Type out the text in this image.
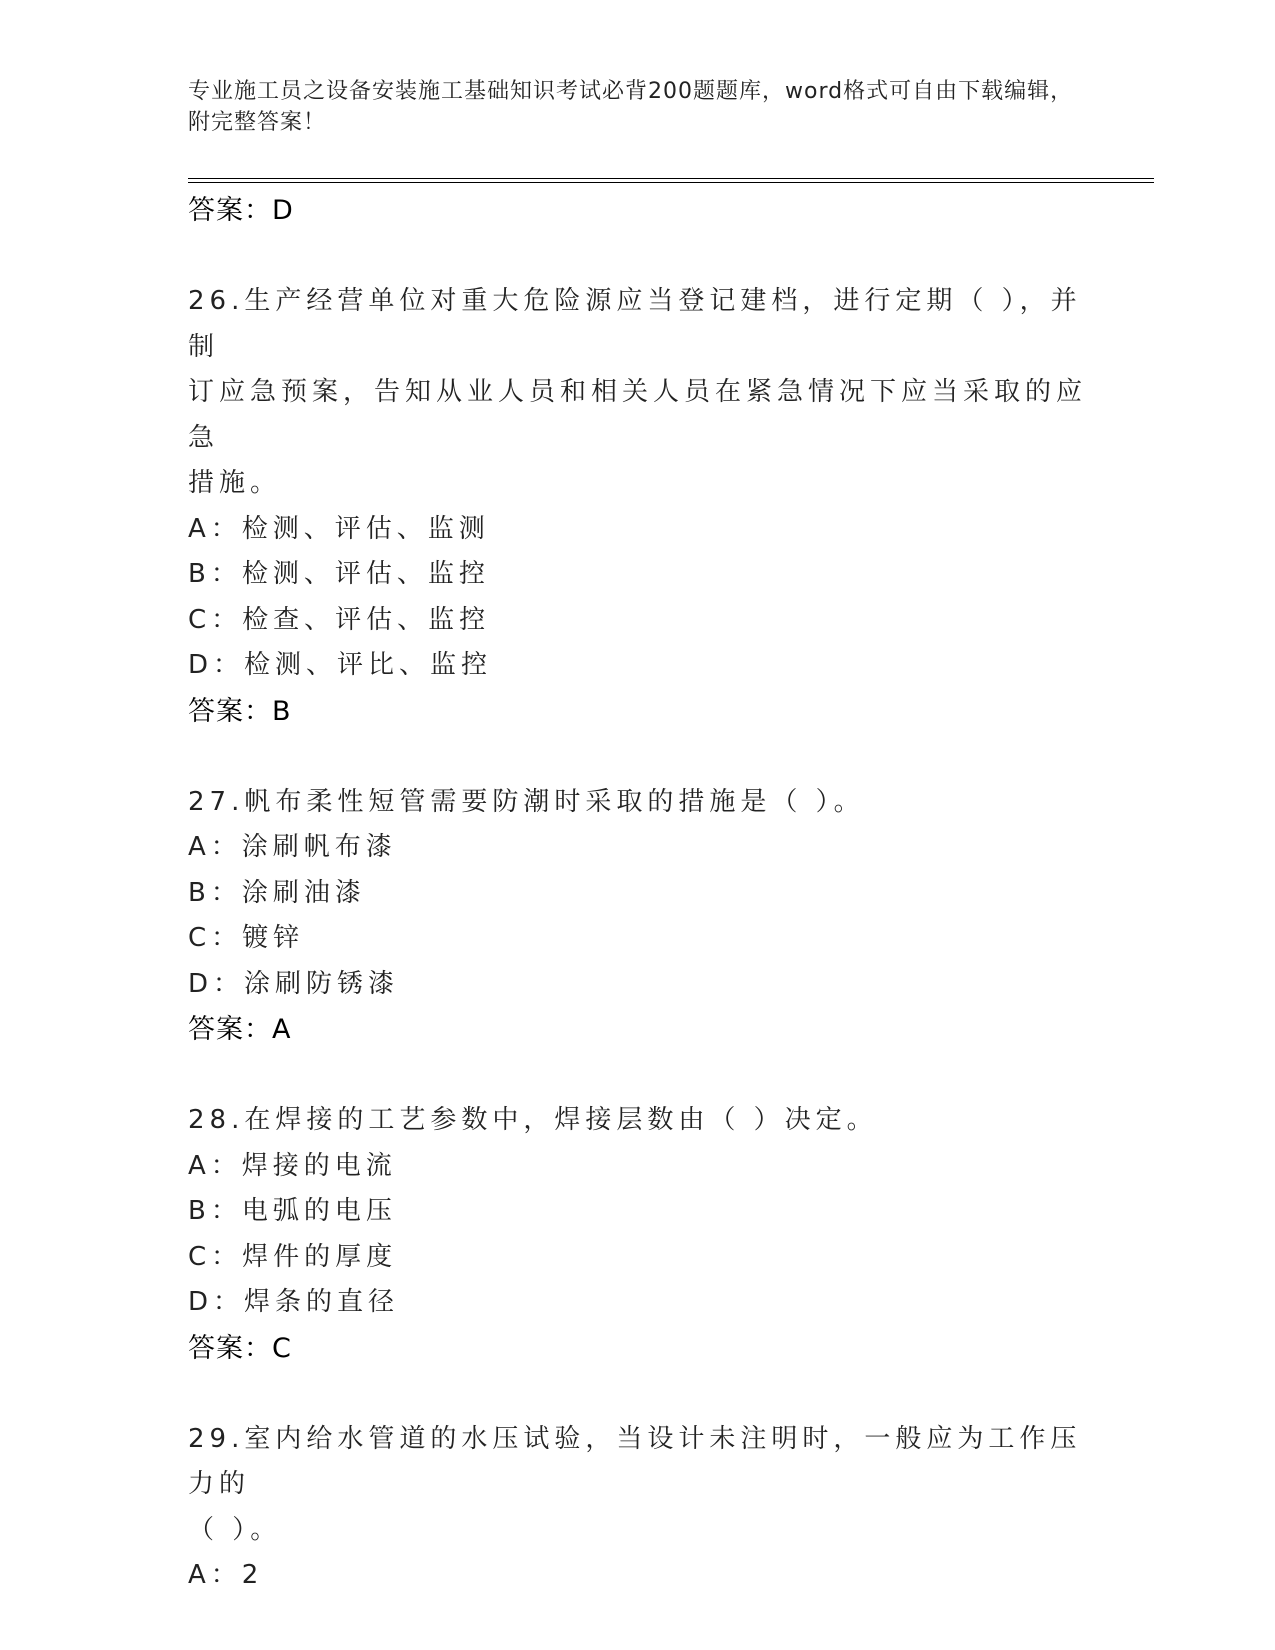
专业施工员之设备安装施工基础知识考试必背200题题库，word格式可自由下载编辑，附完整答案！
答案：D
26.生产经营单位对重大危险源应当登记建档，进行定期（ ），并制
订应急预案，告知从业人员和相关人员在紧急情况下应当采取的应急
措施。
A：检测、评估、监测
B：检测、评估、监控
C：检查、评估、监控
D：检测、评比、监控
答案：B
27.帆布柔性短管需要防潮时采取的措施是（ ）。
A：涂刷帆布漆
B：涂刷油漆
C：镀锌
D：涂刷防锈漆
答案：A
28.在焊接的工艺参数中，焊接层数由（ ）决定。
A：焊接的电流
B：电弧的电压
C：焊件的厚度
D：焊条的直径
答案：C
29.室内给水管道的水压试验，当设计未注明时，一般应为工作压力的
（ ）。
A：2
